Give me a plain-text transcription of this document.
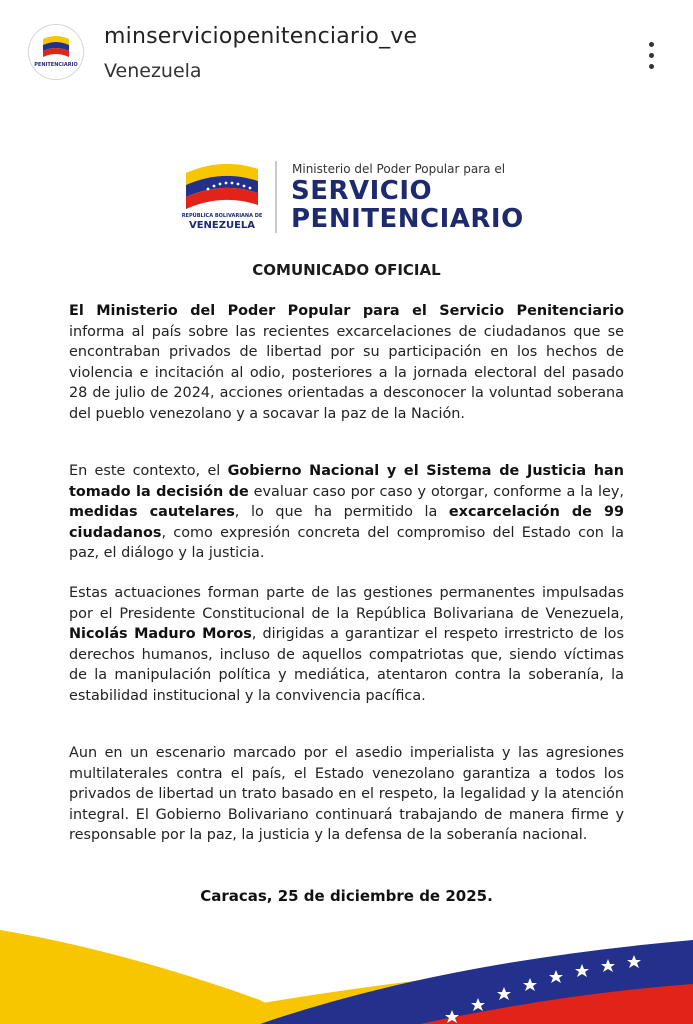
PENITENCIARIO
minserviciopenitenciario_ve
Venezuela
REPÚBLICA BOLIVARIANA DE
VENEZUELA
Ministerio del Poder Popular para el
SERVICIO
PENITENCIARIO
COMUNICADO OFICIAL

El Ministerio del Poder Popular para el Servicio Penitenciario informa al país sobre las recientes excarcelaciones de ciudadanos que se encontraban privados de libertad por su participación en los hechos de violencia e incitación al odio, posteriores a la jornada electoral del pasado 28 de julio de 2024, acciones orientadas a desconocer la voluntad soberana del pueblo venezolano y a socavar la paz de la Nación.

En este contexto, el Gobierno Nacional y el Sistema de Justicia han tomado la decisión de evaluar caso por caso y otorgar, conforme a la ley, medidas cautelares, lo que ha permitido la excarcelación de 99 ciudadanos, como expresión concreta del compromiso del Estado con la paz, el diálogo y la justicia.

Estas actuaciones forman parte de las gestiones permanentes impulsadas por el Presidente Constitucional de la República Bolivariana de Venezuela, Nicolás Maduro Moros, dirigidas a garantizar el respeto irrestricto de los derechos humanos, incluso de aquellos compatriotas que, siendo víctimas de la manipulación política y mediática, atentaron contra la soberanía, la estabilidad institucional y la convivencia pacífica.

Aun en un escenario marcado por el asedio imperialista y las agresiones multilaterales contra el país, el Estado venezolano garantiza a todos los privados de libertad un trato basado en el respeto, la legalidad y la atención integral. El Gobierno Bolivariano continuará trabajando de manera firme y responsable por la paz, la justicia y la defensa de la soberanía nacional.

Caracas, 25 de diciembre de 2025.
